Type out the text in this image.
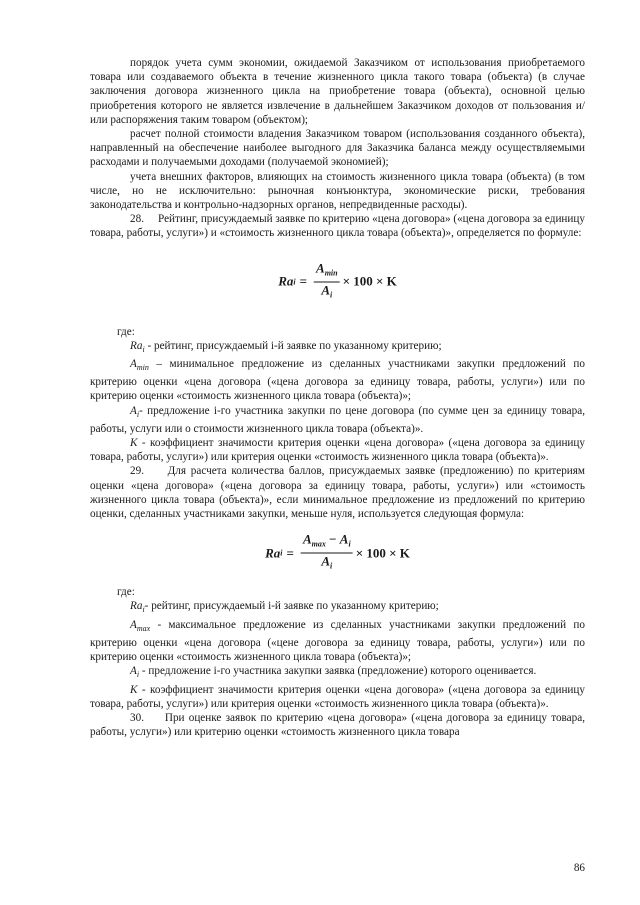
порядок учета сумм экономии, ожидаемой Заказчиком от использования приобретаемого товара или создаваемого объекта в течение жизненного цикла такого товара (объекта) (в случае заключения договора жизненного цикла на приобретение товара (объекта), основной целью приобретения которого не является извлечение в дальнейшем Заказчиком доходов от пользования и/или распоряжения таким товаром (объектом);

расчет полной стоимости владения Заказчиком товаром (использования созданного объекта), направленный на обеспечение наиболее выгодного для Заказчика баланса между осуществляемыми расходами и получаемыми доходами (получаемой экономией);

учета внешних факторов, влияющих на стоимость жизненного цикла товара (объекта) (в том числе, но не исключительно: рыночная конъюнктура, экономические риски, требования законодательства и контрольно-надзорных органов, непредвиденные расходы).

28.     Рейтинг, присуждаемый заявке по критерию «цена договора» («цена договора за единицу товара, работы, услуги») и «стоимость жизненного цикла товара (объекта)», определяется по формуле:

Ra $i = \frac{A_{min}}{A_i} \times 100 \times K$

где:

$Ra_i$ - рейтинг, присуждаемый i-й заявке по указанному критерию;

$A_{min}$ – минимальное предложение из сделанных участниками закупки предложений по критерию оценки «цена договора («цена договора за единицу товара, работы, услуги») или по критерию оценки «стоимость жизненного цикла товара (объекта)»;

$A_i-$ предложение i-го участника закупки по цене договора (по сумме цен за единицу товара, работы, услуги или о стоимости жизненного цикла товара (объекта)».

К - коэффициент значимости критерия оценки «цена договора» («цена договора за единицу товара, работы, услуги») или критерия оценки «стоимость жизненного цикла товара (объекта)».

29.     Для расчета количества баллов, присуждаемых заявке (предложению) по критериям оценки «цена договора» («цена договора за единицу товара, работы, услуги») или «стоимость жизненного цикла товара (объекта)», если минимальное предложение из предложений по критерию оценки, сделанных участниками закупки, меньше нуля, используется следующая формула:

Ra $i = \frac{A_{max} - A_i}{A_i} \times 100 \times K$

где:

$Ra_i-$ рейтинг, присуждаемый i-й заявке по указанному критерию;

$A_{max}$ - максимальное предложение из сделанных участниками закупки предложений по критерию оценки «цена договора («цене договора за единицу товара, работы, услуги») или по критерию оценки «стоимость жизненного цикла товара (объекта)»;

$A_i$ - предложение i-го участника закупки заявка (предложение) которого оценивается.

К - коэффициент значимости критерия оценки «цена договора» («цена договора за единицу товара, работы, услуги») или критерия оценки «стоимость жизненного цикла товара (объекта)».

30.     При оценке заявок по критерию «цена договора» («цена договора за единицу товара, работы, услуги») или критерию оценки «стоимость жизненного цикла товара

86
